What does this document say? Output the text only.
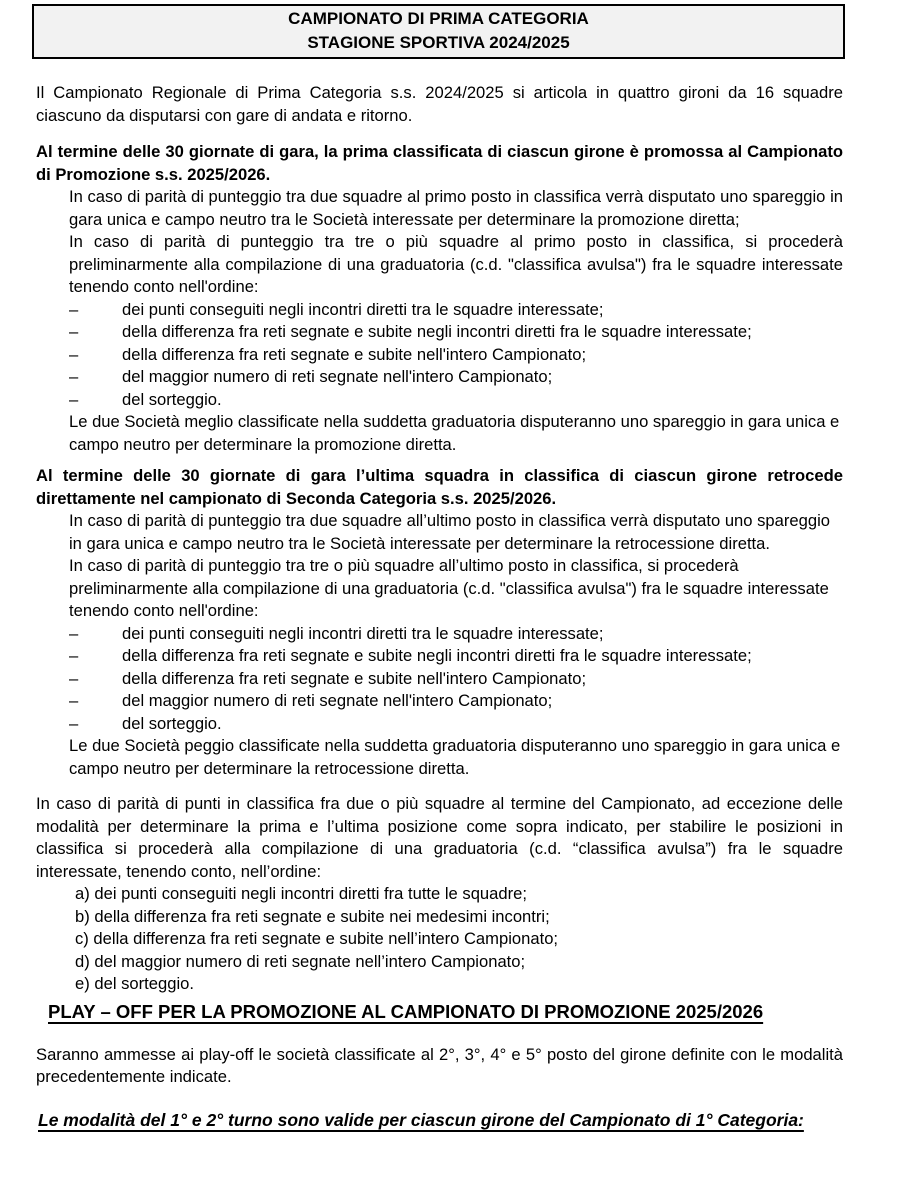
CAMPIONATO DI PRIMA CATEGORIA
STAGIONE SPORTIVA 2024/2025

Il Campionato Regionale di Prima Categoria s.s. 2024/2025 si articola in quattro gironi da 16 squadre ciascuno da disputarsi con gare di andata e ritorno.

Al termine delle 30 giornate di gara, la prima classificata di ciascun girone è promossa al Campionato di Promozione s.s. 2025/2026.

In caso di parità di punteggio tra due squadre al primo posto in classifica verrà disputato uno spareggio in gara unica e campo neutro tra le Società interessate per determinare la promozione diretta;

In caso di parità di punteggio tra tre o più squadre al primo posto in classifica, si procederà preliminarmente alla compilazione di una graduatoria (c.d. "classifica avulsa") fra le squadre interessate tenendo conto nell'ordine:

–	dei punti conseguiti negli incontri diretti tra le squadre interessate;
–	della differenza fra reti segnate e subite negli incontri diretti fra le squadre interessate;
–	della differenza fra reti segnate e subite nell'intero Campionato;
–	del maggior numero di reti segnate nell'intero Campionato;
–	del sorteggio.

Le due Società meglio classificate nella suddetta graduatoria disputeranno uno spareggio in gara unica e campo neutro per determinare la promozione diretta.

Al termine delle 30 giornate di gara l’ultima squadra in classifica di ciascun girone retrocede direttamente nel campionato di Seconda Categoria s.s. 2025/2026.

In caso di parità di punteggio tra due squadre all’ultimo posto in classifica verrà disputato uno spareggio in gara unica e campo neutro tra le Società interessate per determinare la retrocessione diretta.

In caso di parità di punteggio tra tre o più squadre all’ultimo posto in classifica, si procederà preliminarmente alla compilazione di una graduatoria (c.d. "classifica avulsa") fra le squadre interessate tenendo conto nell'ordine:

–	dei punti conseguiti negli incontri diretti tra le squadre interessate;
–	della differenza fra reti segnate e subite negli incontri diretti fra le squadre interessate;
–	della differenza fra reti segnate e subite nell'intero Campionato;
–	del maggior numero di reti segnate nell'intero Campionato;
–	del sorteggio.

Le due Società peggio classificate nella suddetta graduatoria disputeranno uno spareggio in gara unica e campo neutro per determinare la retrocessione diretta.

In caso di parità di punti in classifica fra due o più squadre al termine del Campionato, ad eccezione delle modalità per determinare la prima e l’ultima posizione come sopra indicato, per stabilire le posizioni in classifica si procederà alla compilazione di una graduatoria (c.d. “classifica avulsa”) fra le squadre interessate, tenendo conto, nell’ordine:

a) dei punti conseguiti negli incontri diretti fra tutte le squadre;
b) della differenza fra reti segnate e subite nei medesimi incontri;
c) della differenza fra reti segnate e subite nell’intero Campionato;
d) del maggior numero di reti segnate nell’intero Campionato;
e) del sorteggio.

PLAY – OFF PER LA PROMOZIONE AL CAMPIONATO DI PROMOZIONE 2025/2026

Saranno ammesse ai play-off le società classificate al 2°, 3°, 4° e 5° posto del girone definite con le modalità precedentemente indicate.

Le modalità del 1° e 2° turno sono valide per ciascun girone del Campionato di 1° Categoria:
